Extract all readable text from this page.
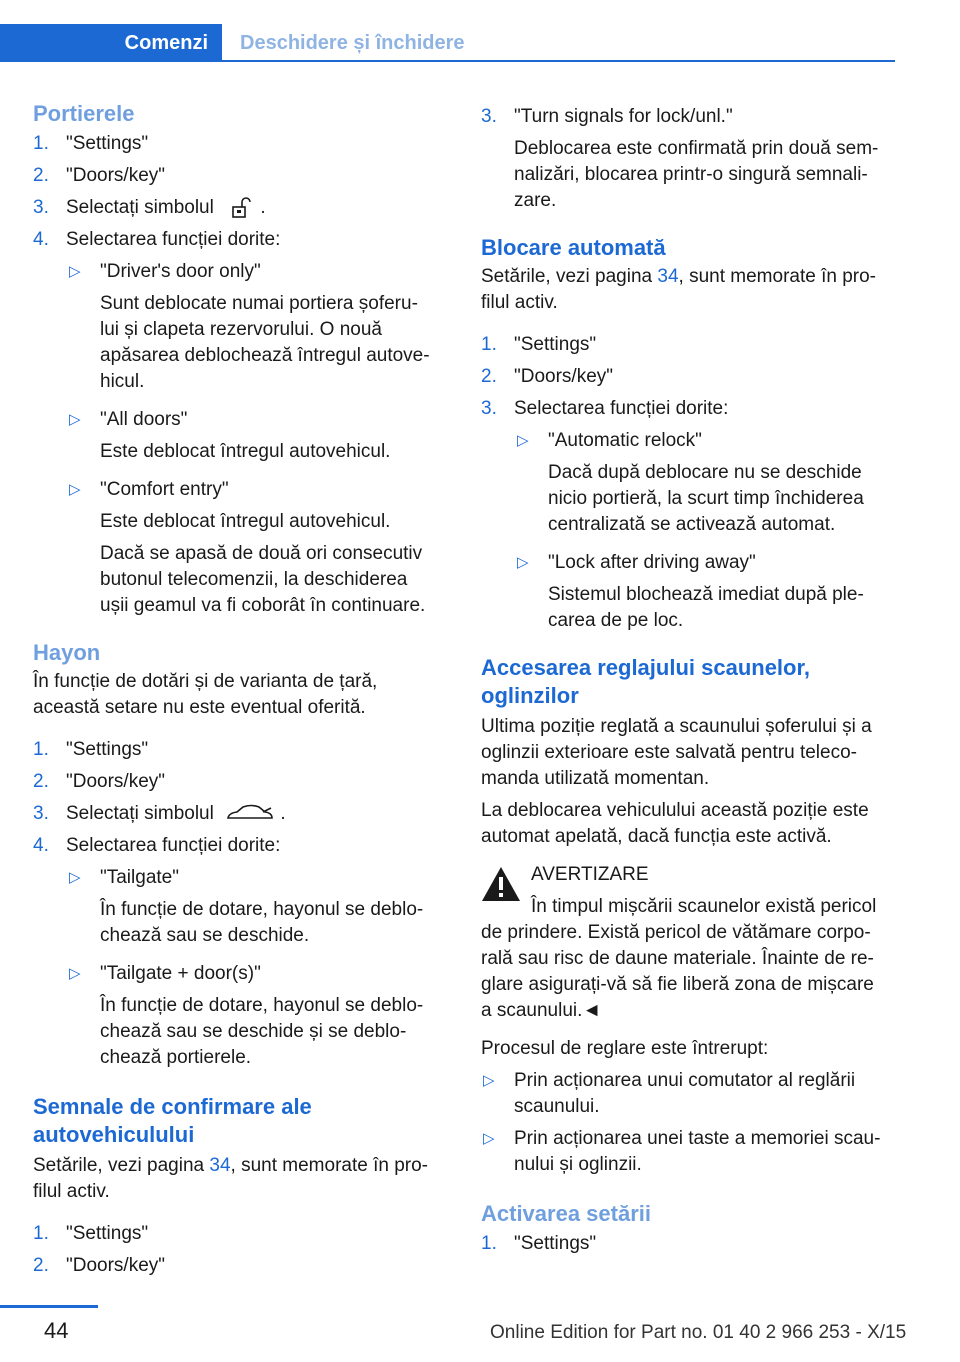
Comenzi	Deschidere și închidere
Portierele
1. "Settings"
2. "Doors/key"
3. Selectați simbolul  .
4. Selectarea funcției dorite:
▷ "Driver's door only"

Sunt deblocate numai portiera șoferu-
lui și clapeta rezervorului. O nouă
apăsarea deblochează întregul autove-
hicul.

▷ "All doors"

Este deblocat întregul autovehicul.

▷ "Comfort entry"

Este deblocat întregul autovehicul.

Dacă se apasă de două ori consecutiv
butonul telecomenzii, la deschiderea
ușii geamul va fi coborât în continuare.

Hayon

În funcție de dotări și de varianta de țară,
această setare nu este eventual oferită.

1. "Settings"
2. "Doors/key"
3. Selectați simbolul	.
4. Selectarea funcției dorite:
▷ "Tailgate"

În funcție de dotare, hayonul se deblo-
chează sau se deschide.

▷ "Tailgate + door(s)"

În funcție de dotare, hayonul se deblo-
chează sau se deschide și se deblo-
chează portierele.

Semnale de confirmare ale
autovehiculului

Setările, vezi pagina 34, sunt memorate în pro-
filul activ.

1. "Settings"
2. "Doors/key"
3. "Turn signals for lock/unl."

Deblocarea este confirmată prin două sem-
nalizări, blocarea printr-o singură semnali-
zare.

Blocare automată

Setările, vezi pagina 34, sunt memorate în pro-
filul activ.

1. "Settings"
2. "Doors/key"
3. Selectarea funcției dorite:
▷ "Automatic relock"

Dacă după deblocare nu se deschide
nicio portieră, la scurt timp închiderea
centralizată se activează automat.

▷ "Lock after driving away"

Sistemul blochează imediat după ple-
carea de pe loc.

Accesarea reglajului scaunelor,
oglinzilor

Ultima poziție reglată a scaunului șoferului și a
oglinzii exterioare este salvată pentru teleco-
manda utilizată momentan.

La deblocarea vehiculului această poziție este
automat apelată, dacă funcția este activă.

AVERTIZARE

În timpul mișcării scaunelor există pericol

de prindere. Există pericol de vătămare corpo-
rală sau risc de daune materiale. Înainte de re-
glare asigurați-vă să fie liberă zona de mișcare
a scaunului.◄

Procesul de reglare este întrerupt:

▷ Prin acționarea unui comutator al reglării
scaunului.

▷ Prin acționarea unei taste a memoriei scau-
nului și oglinzii.

Activarea setării
1. "Settings"
44	Online Edition for Part no. 01 40 2 966 253 - X/15
